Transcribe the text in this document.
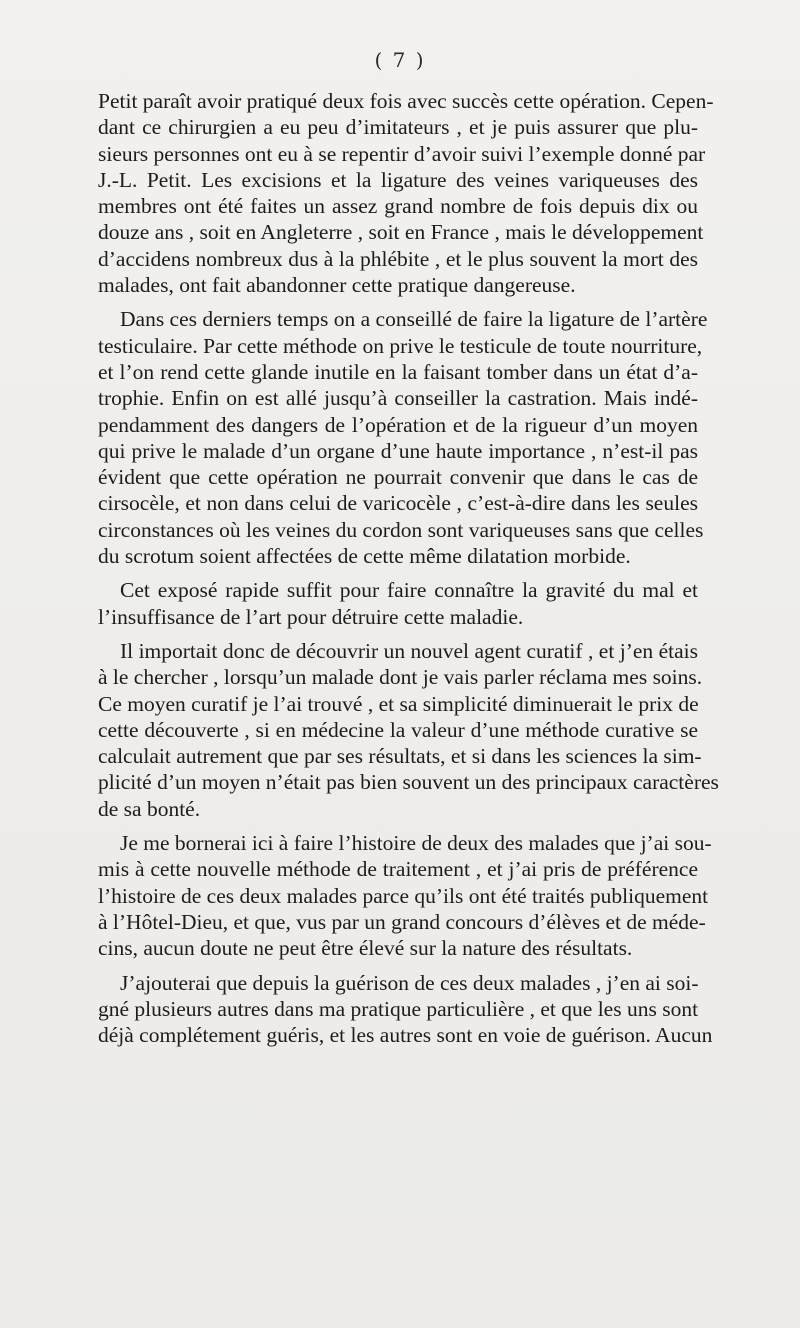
( 7 )

Petit paraît avoir pratiqué deux fois avec succès cette opération. Cepen-
dant ce chirurgien a eu peu d’imitateurs , et je puis assurer que plu-
sieurs personnes ont eu à se repentir d’avoir suivi l’exemple donné par
J.-L. Petit. Les excisions et la ligature des veines variqueuses des
membres ont été faites un assez grand nombre de fois depuis dix ou
douze ans , soit en Angleterre , soit en France , mais le développement
d’accidens nombreux dus à la phlébite , et le plus souvent la mort des
malades, ont fait abandonner cette pratique dangereuse.

Dans ces derniers temps on a conseillé de faire la ligature de l’artère
testiculaire. Par cette méthode on prive le testicule de toute nourriture,
et l’on rend cette glande inutile en la faisant tomber dans un état d’a-
trophie. Enfin on est allé jusqu’à conseiller la castration. Mais indé-
pendamment des dangers de l’opération et de la rigueur d’un moyen
qui prive le malade d’un organe d’une haute importance , n’est-il pas
évident que cette opération ne pourrait convenir que dans le cas de
cirsocèle, et non dans celui de varicocèle , c’est-à-dire dans les seules
circonstances où les veines du cordon sont variqueuses sans que celles
du scrotum soient affectées de cette même dilatation morbide.

Cet exposé rapide suffit pour faire connaître la gravité du mal et
l’insuffisance de l’art pour détruire cette maladie.

Il importait donc de découvrir un nouvel agent curatif , et j’en étais
à le chercher , lorsqu’un malade dont je vais parler réclama mes soins.
Ce moyen curatif je l’ai trouvé , et sa simplicité diminuerait le prix de
cette découverte , si en médecine la valeur d’une méthode curative se
calculait autrement que par ses résultats, et si dans les sciences la sim-
plicité d’un moyen n’était pas bien souvent un des principaux caractères
de sa bonté.

Je me bornerai ici à faire l’histoire de deux des malades que j’ai sou-
mis à cette nouvelle méthode de traitement , et j’ai pris de préférence
l’histoire de ces deux malades parce qu’ils ont été traités publiquement
à l’Hôtel-Dieu, et que, vus par un grand concours d’élèves et de méde-
cins, aucun doute ne peut être élevé sur la nature des résultats.

J’ajouterai que depuis la guérison de ces deux malades , j’en ai soi-
gné plusieurs autres dans ma pratique particulière , et que les uns sont
déjà complétement guéris, et les autres sont en voie de guérison. Aucun
